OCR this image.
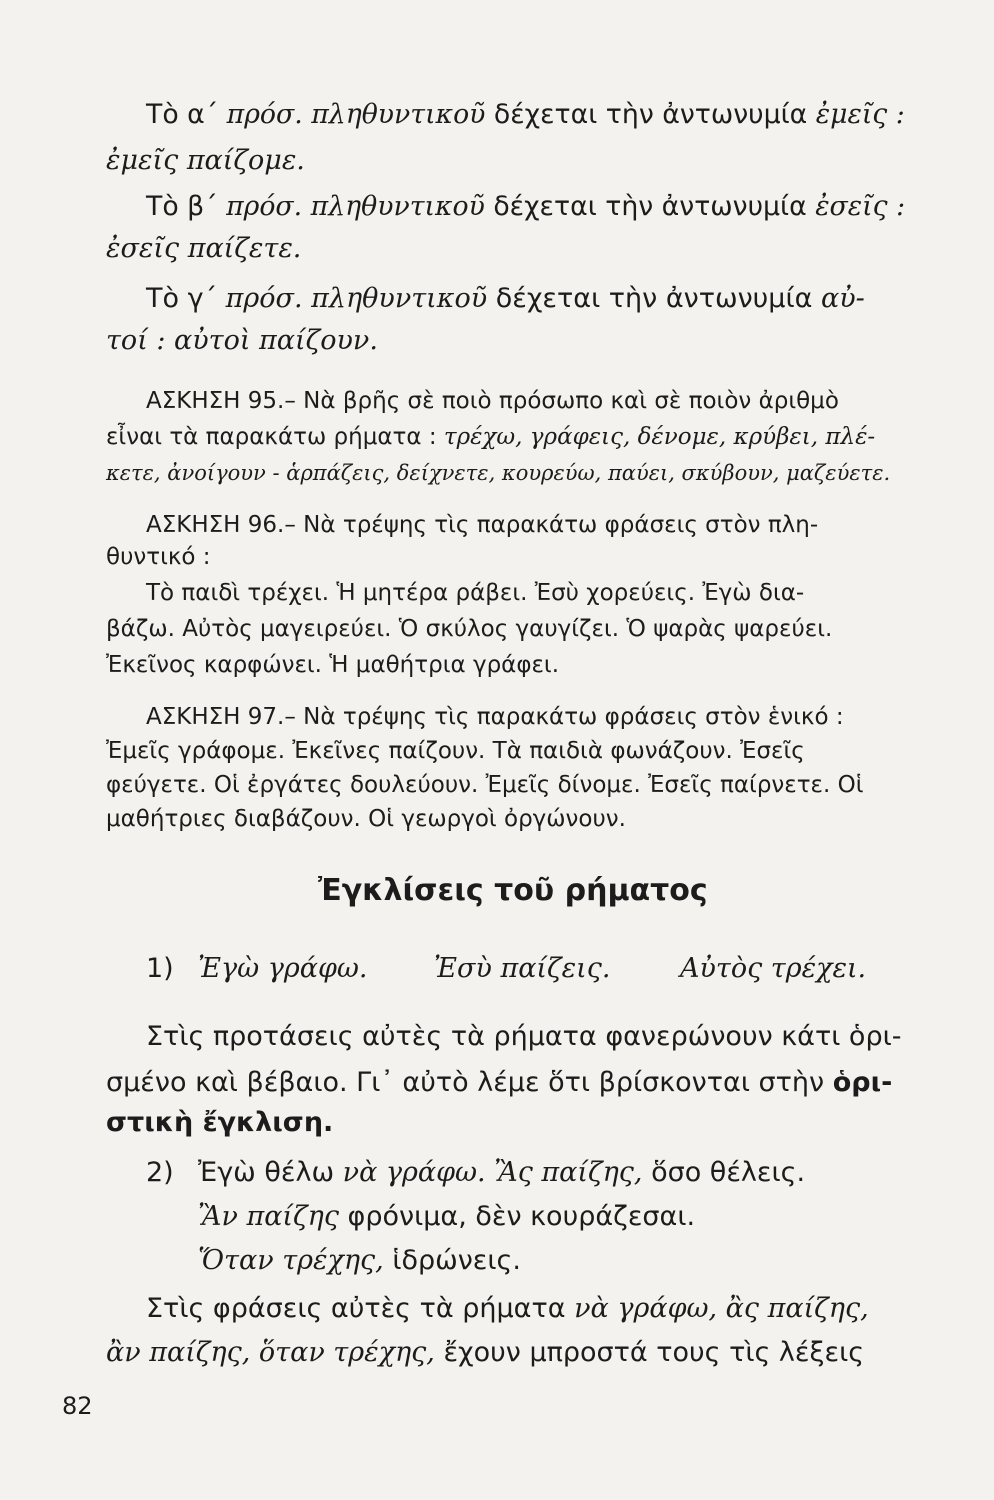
Τὸ α΄ πρόσ. πληθυντικοῦ δέχεται τὴν ἀντωνυμία ἐμεῖς :
ἐμεῖς παίζομε.
Τὸ β΄ πρόσ. πληθυντικοῦ δέχεται τὴν ἀντωνυμία ἐσεῖς :
ἐσεῖς παίζετε.
Τὸ γ΄ πρόσ. πληθυντικοῦ δέχεται τὴν ἀντωνυμία αὐ-
τοί : αὐτοὶ παίζουν.
ΑΣΚΗΣΗ 95.– Νὰ βρῆς σὲ ποιὸ πρόσωπο καὶ σὲ ποιὸν ἀριθμὸ
εἶναι τὰ παρακάτω ρήματα : τρέχω, γράφεις, δένομε, κρύβει, πλέ-
κετε, ἀνοίγουν - ἁρπάζεις, δείχνετε, κουρεύω, παύει, σκύβουν, μαζεύετε.
ΑΣΚΗΣΗ 96.– Νὰ τρέψης τὶς παρακάτω φράσεις στὸν πλη-
θυντικό :
Τὸ παιδὶ τρέχει. Ἡ μητέρα ράβει. Ἐσὺ χορεύεις. Ἐγὼ δια-
βάζω. Αὐτὸς μαγειρεύει. Ὁ σκύλος γαυγίζει. Ὁ ψαρὰς ψαρεύει.
Ἐκεῖνος καρφώνει. Ἡ μαθήτρια γράφει.
ΑΣΚΗΣΗ 97.– Νὰ τρέψης τὶς παρακάτω φράσεις στὸν ἑνικό :
Ἐμεῖς γράφομε. Ἐκεῖνες παίζουν. Τὰ παιδιὰ φωνάζουν. Ἐσεῖς
φεύγετε. Οἱ ἐργάτες δουλεύουν. Ἐμεῖς δίνομε. Ἐσεῖς παίρνετε. Οἱ
μαθήτριες διαβάζουν. Οἱ γεωργοὶ ὀργώνουν.
Ἐγκλίσεις τοῦ ρήματος
1) Ἐγὼ γράφω. Ἐσὺ παίζεις.	Αὐτὸς τρέχει.
Στὶς προτάσεις αὐτὲς τὰ ρήματα φανερώνουν κάτι ὁρι-
σμένο καὶ βέβαιο. Γι᾿ αὐτὸ λέμε ὅτι βρίσκονται στὴν ὁρι-
στικὴ ἔγκλιση.
2) Ἐγὼ θέλω νὰ γράφω. Ἂς παίζης, ὅσο θέλεις.
Ἂν παίζης φρόνιμα, δὲν κουράζεσαι.
Ὅταν τρέχης, ἱδρώνεις.
Στὶς φράσεις αὐτὲς τὰ ρήματα νὰ γράφω, ἂς παίζης,
ἂν παίζης, ὅταν τρέχης, ἔχουν μπροστά τους τὶς λέξεις
82
